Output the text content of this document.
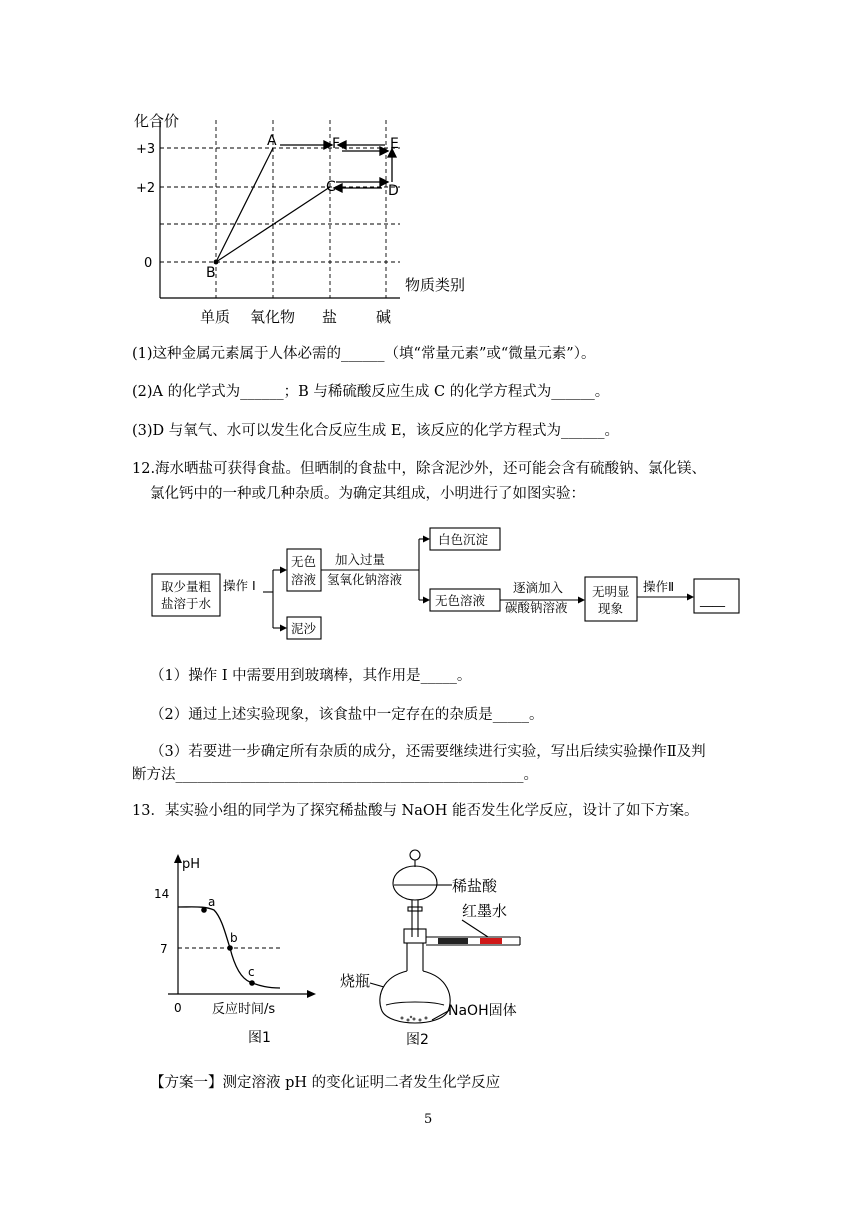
A
B
C	D
E
F
化合价
物质类别
+3
+2
0
单质 氧化物 盐	碱
(1)这种金属元素属于人体必需的______（填“常量元素”或“微量元素”）。
(2)A 的化学式为______；B 与稀硫酸反应生成 C 的化学方程式为______。
(3)D 与氧气、水可以发生化合反应生成 E，该反应的化学方程式为______。
12.海水晒盐可获得食盐。但晒制的食盐中，除含泥沙外，还可能会含有硫酸钠、氯化镁、
氯化钙中的一种或几种杂质。为确定其组成，小明进行了如图实验：
取少量粗
盐溶于水
操作 I
无色
溶液
加入过量
氢氧化钠溶液
白色沉淀
无色溶液
逐滴加入
碳酸钠溶液
无明显
现象
操作Ⅱ
____
泥沙
（1）操作 I 中需要用到玻璃棒，其作用是_____。
（2）通过上述实验现象，该食盐中一定存在的杂质是_____。
（3）若要进一步确定所有杂质的成分，还需要继续进行实验，写出后续实验操作Ⅱ及判
断方法________________________________________________。
13．某实验小组的同学为了探究稀盐酸与 NaOH 能否发生化学反应，设计了如下方案。
pH
14
7
0
a
b
c
反应时间/s
图1
稀盐酸
红墨水
烧瓶
NaOH固体
图2
【方案一】测定溶液 pH 的变化证明二者发生化学反应
5
